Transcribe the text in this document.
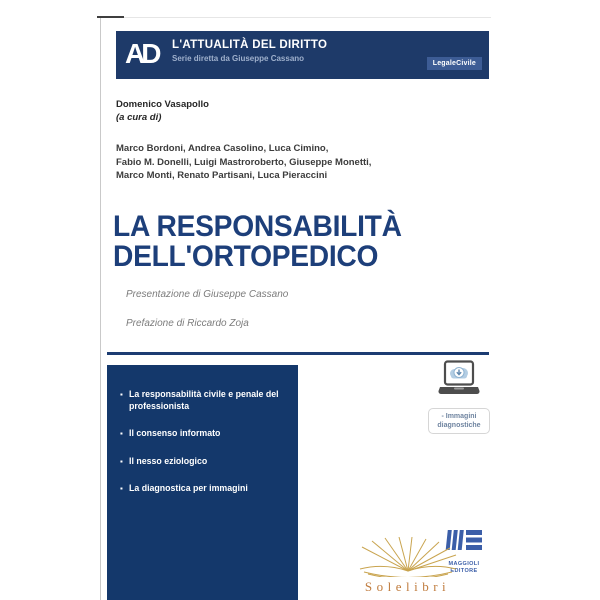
AD L'ATTUALITÀ DEL DIRITTO
Serie diretta da Giuseppe Cassano
LegaleCivile
Domenico Vasapollo
(a cura di)
Marco Bordoni, Andrea Casolino, Luca Cimino,
Fabio M. Donelli, Luigi Mastroroberto, Giuseppe Monetti,
Marco Monti, Renato Partisani, Luca Pieraccini
LA RESPONSABILITÀ
DELL'ORTOPEDICO
Presentazione di Giuseppe Cassano
Prefazione di Riccardo Zoja
▪ La responsabilità civile e penale del professionista
▪ Il consenso informato
▪ Il nesso eziologico
▪ La diagnostica per immagini
- Immagini diagnostiche
MAGGIOLI
EDITORE
Solelibri
